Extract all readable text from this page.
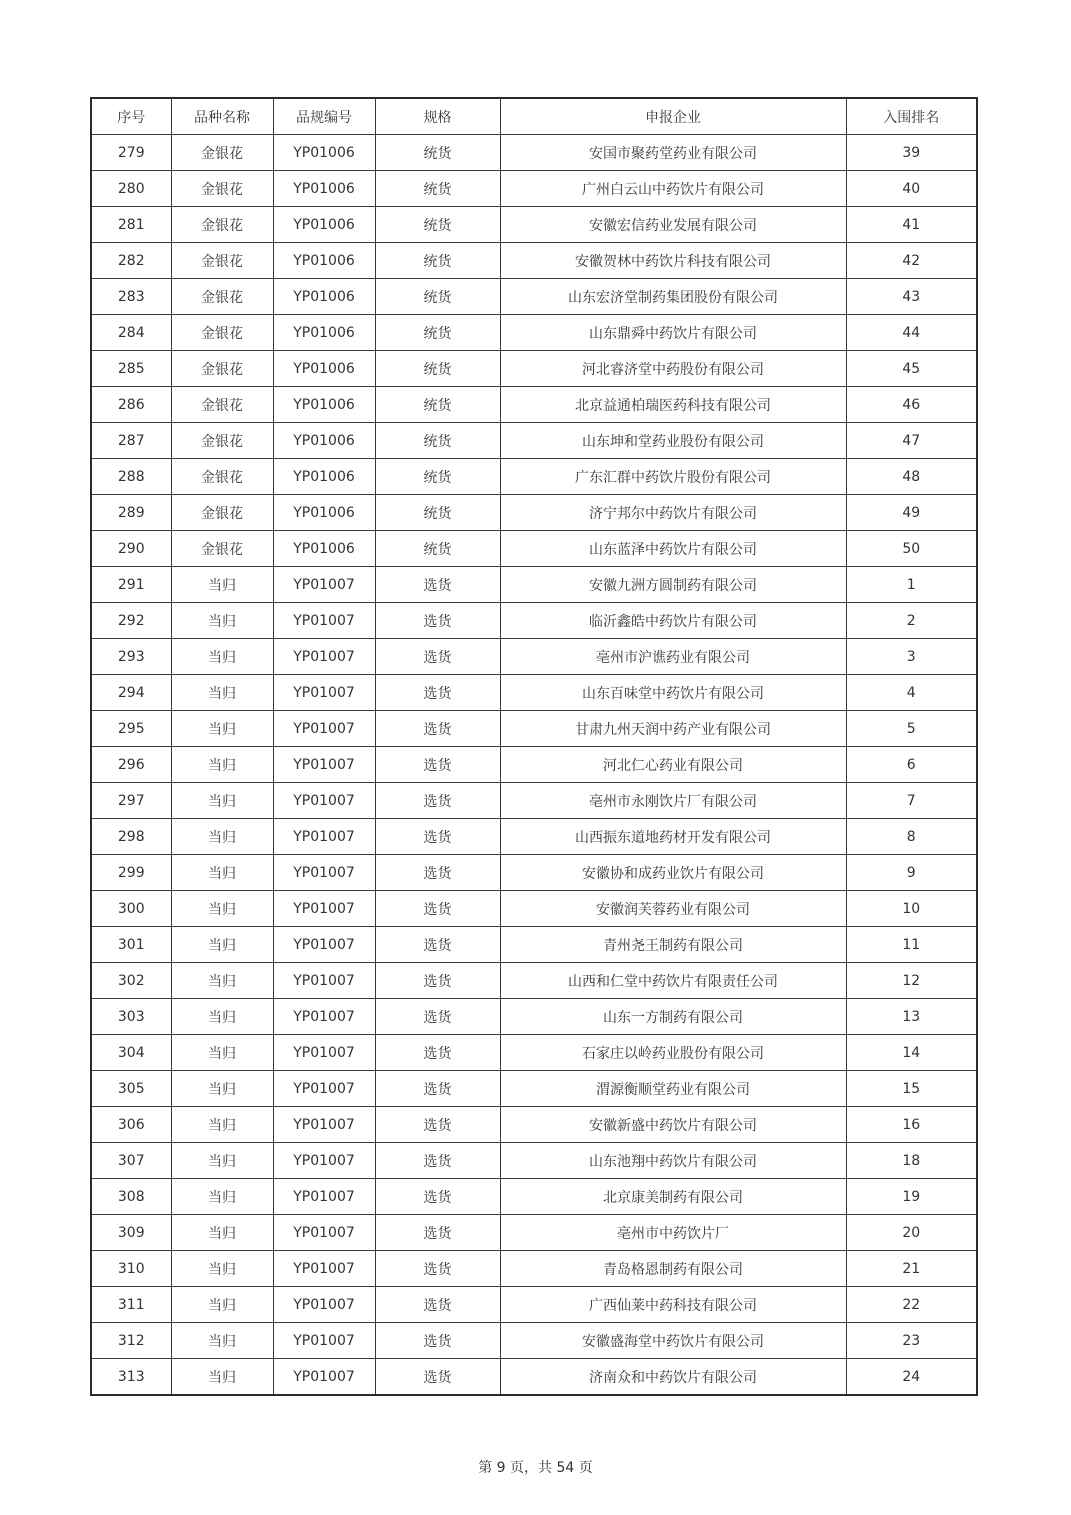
序号	品种名称	品规编号	规格	申报企业	入围排名
279	金银花	YP01006	统货	安国市聚药堂药业有限公司	39
280	金银花	YP01006	统货	广州白云山中药饮片有限公司	40
281	金银花	YP01006	统货	安徽宏信药业发展有限公司	41
282	金银花	YP01006	统货	安徽贺林中药饮片科技有限公司	42
283	金银花	YP01006	统货	山东宏济堂制药集团股份有限公司	43
284	金银花	YP01006	统货	山东鼎舜中药饮片有限公司	44
285	金银花	YP01006	统货	河北睿济堂中药股份有限公司	45
286	金银花	YP01006	统货	北京益通柏瑞医药科技有限公司	46
287	金银花	YP01006	统货	山东坤和堂药业股份有限公司	47
288	金银花	YP01006	统货	广东汇群中药饮片股份有限公司	48
289	金银花	YP01006	统货	济宁邦尔中药饮片有限公司	49
290	金银花	YP01006	统货	山东蓝泽中药饮片有限公司	50
291	当归	YP01007	选货	安徽九洲方圆制药有限公司	1
292	当归	YP01007	选货	临沂鑫皓中药饮片有限公司	2
293	当归	YP01007	选货	亳州市沪谯药业有限公司	3
294	当归	YP01007	选货	山东百味堂中药饮片有限公司	4
295	当归	YP01007	选货	甘肃九州天润中药产业有限公司	5
296	当归	YP01007	选货	河北仁心药业有限公司	6
297	当归	YP01007	选货	亳州市永刚饮片厂有限公司	7
298	当归	YP01007	选货	山西振东道地药材开发有限公司	8
299	当归	YP01007	选货	安徽协和成药业饮片有限公司	9
300	当归	YP01007	选货	安徽润芙蓉药业有限公司	10
301	当归	YP01007	选货	青州尧王制药有限公司	11
302	当归	YP01007	选货	山西和仁堂中药饮片有限责任公司	12
303	当归	YP01007	选货	山东一方制药有限公司	13
304	当归	YP01007	选货	石家庄以岭药业股份有限公司	14
305	当归	YP01007	选货	渭源衡顺堂药业有限公司	15
306	当归	YP01007	选货	安徽新盛中药饮片有限公司	16
307	当归	YP01007	选货	山东池翔中药饮片有限公司	18
308	当归	YP01007	选货	北京康美制药有限公司	19
309	当归	YP01007	选货	亳州市中药饮片厂	20
310	当归	YP01007	选货	青岛格恩制药有限公司	21
311	当归	YP01007	选货	广西仙莱中药科技有限公司	22
312	当归	YP01007	选货	安徽盛海堂中药饮片有限公司	23
313	当归	YP01007	选货	济南众和中药饮片有限公司	24
第 9 页，共 54 页
